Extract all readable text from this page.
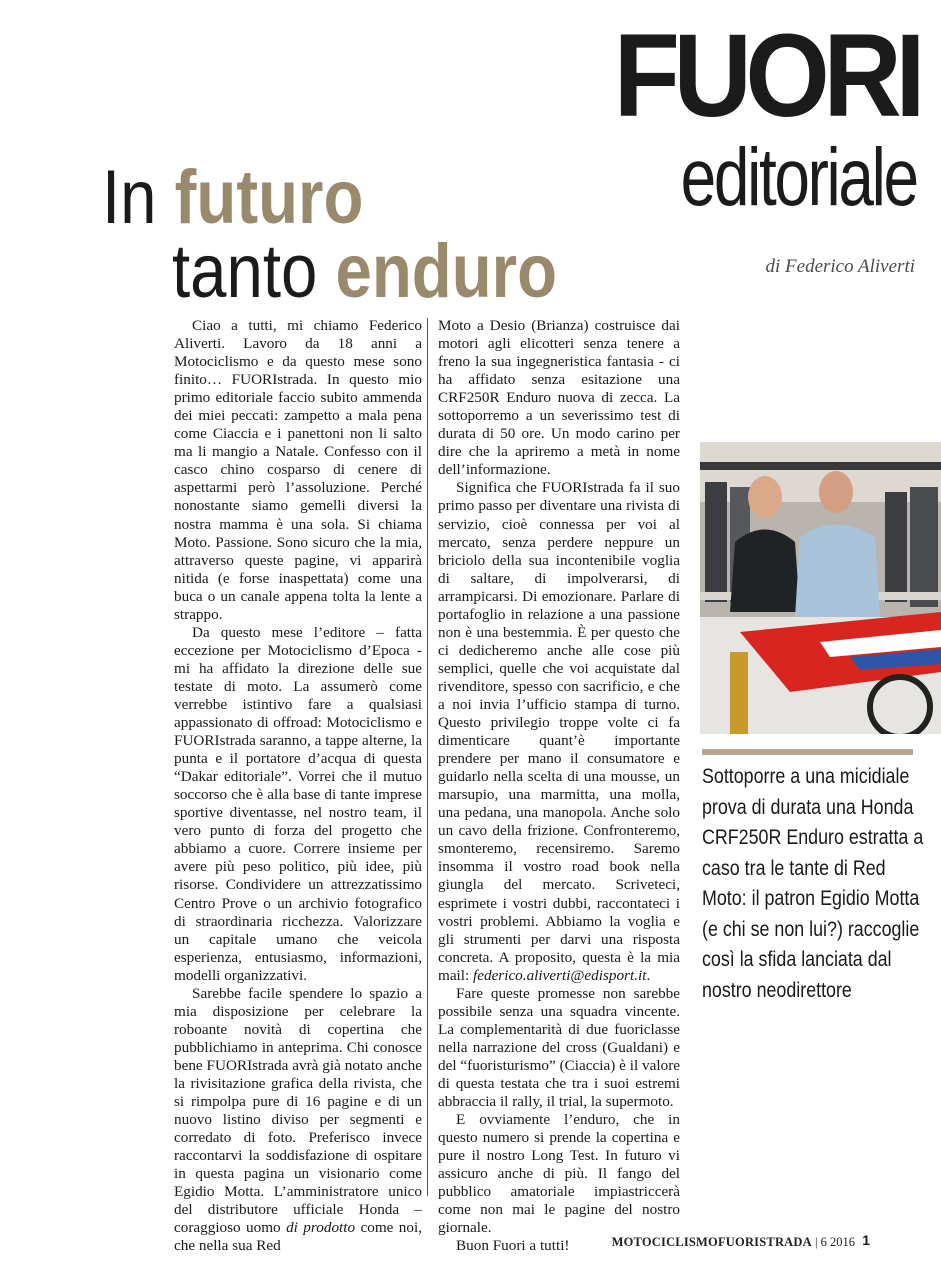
FUORI
editoriale
di Federico Aliverti
In futuro
tanto enduro

Ciao a tutti, mi chiamo Federico Aliverti. Lavoro da 18 anni a Motociclismo e da questo mese sono finito… FUORIstrada. In questo mio primo editoriale faccio subito ammenda dei miei peccati: zampetto a mala pena come Ciaccia e i panettoni non li salto ma li mangio a Natale. Confesso con il casco chino cosparso di cenere di aspettarmi però l’assoluzione. Perché nonostante siamo gemelli diversi la nostra mamma è una sola. Si chiama Moto. Passione. Sono sicuro che la mia, attraverso queste pagine, vi apparirà nitida (e forse inaspettata) come una buca o un canale appena tolta la lente a strappo.

Da questo mese l’editore – fatta eccezione per Motociclismo d’Epoca - mi ha affidato la direzione delle sue testate di moto. La assumerò come verrebbe istintivo fare a qualsiasi appassionato di offroad: Motociclismo e FUORIstrada saranno, a tappe alterne, la punta e il portatore d’acqua di questa “Dakar editoriale”. Vorrei che il mutuo soccorso che è alla base di tante imprese sportive diventasse, nel nostro team, il vero punto di forza del progetto che abbiamo a cuore. Correre insieme per avere più peso politico, più idee, più risorse. Condividere un attrezzatissimo Centro Prove o un archivio fotografico di straordinaria ricchezza. Valorizzare un capitale umano che veicola esperienza, entusiasmo, informazioni, modelli organizzativi.

Sarebbe facile spendere lo spazio a mia disposizione per celebrare la roboante novità di copertina che pubblichiamo in anteprima. Chi conosce bene FUORIstrada avrà già notato anche la rivisitazione grafica della rivista, che si rimpolpa pure di 16 pagine e di un nuovo listino diviso per segmenti e corredato di foto. Preferisco invece raccontarvi la soddisfazione di ospitare in questa pagina un visionario come Egidio Motta. L’amministratore unico del distributore ufficiale Honda – coraggioso uomo di prodotto come noi, che nella sua Red

Moto a Desio (Brianza) costruisce dai motori agli elicotteri senza tenere a freno la sua ingegneristica fantasia - ci ha affidato senza esitazione una CRF250R Enduro nuova di zecca. La sottoporremo a un severissimo test di durata di 50 ore. Un modo carino per dire che la apriremo a metà in nome dell’informazione.

Significa che FUORIstrada fa il suo primo passo per diventare una rivista di servizio, cioè connessa per voi al mercato, senza perdere neppure un briciolo della sua incontenibile voglia di saltare, di impolverarsi, di arrampicarsi. Di emozionare. Parlare di portafoglio in relazione a una passione non è una bestemmia. È per questo che ci dedicheremo anche alle cose più semplici, quelle che voi acquistate dal rivenditore, spesso con sacrificio, e che a noi invia l’ufficio stampa di turno. Questo privilegio troppe volte ci fa dimenticare quant’è importante prendere per mano il consumatore e guidarlo nella scelta di una mousse, un marsupio, una marmitta, una molla, una pedana, una manopola. Anche solo un cavo della frizione. Confronteremo, smonteremo, recensiremo. Saremo insomma il vostro road book nella giungla del mercato. Scriveteci, esprimete i vostri dubbi, raccontateci i vostri problemi. Abbiamo la voglia e gli strumenti per darvi una risposta concreta. A proposito, questa è la mia mail: federico.aliverti@edisport.it.

Fare queste promesse non sarebbe possibile senza una squadra vincente. La complementarità di due fuoriclasse nella narrazione del cross (Gualdani) e del “fuoristurismo” (Ciaccia) è il valore di questa testata che tra i suoi estremi abbraccia il rally, il trial, la supermoto.

E ovviamente l’enduro, che in questo numero si prende la copertina e pure il nostro Long Test. In futuro vi assicuro anche di più. Il fango del pubblico amatoriale impiastriccerà come non mai le pagine del nostro giornale.

Buon Fuori a tutti!

Sottoporre a una micidiale prova di durata una Honda CRF250R Enduro estratta a caso tra le tante di Red Moto: il patron Egidio Motta (e chi se non lui?) raccoglie così la sfida lanciata dal nostro neodirettore
MOTOCICLISMOFUORISTRADA | 6 2016 1
